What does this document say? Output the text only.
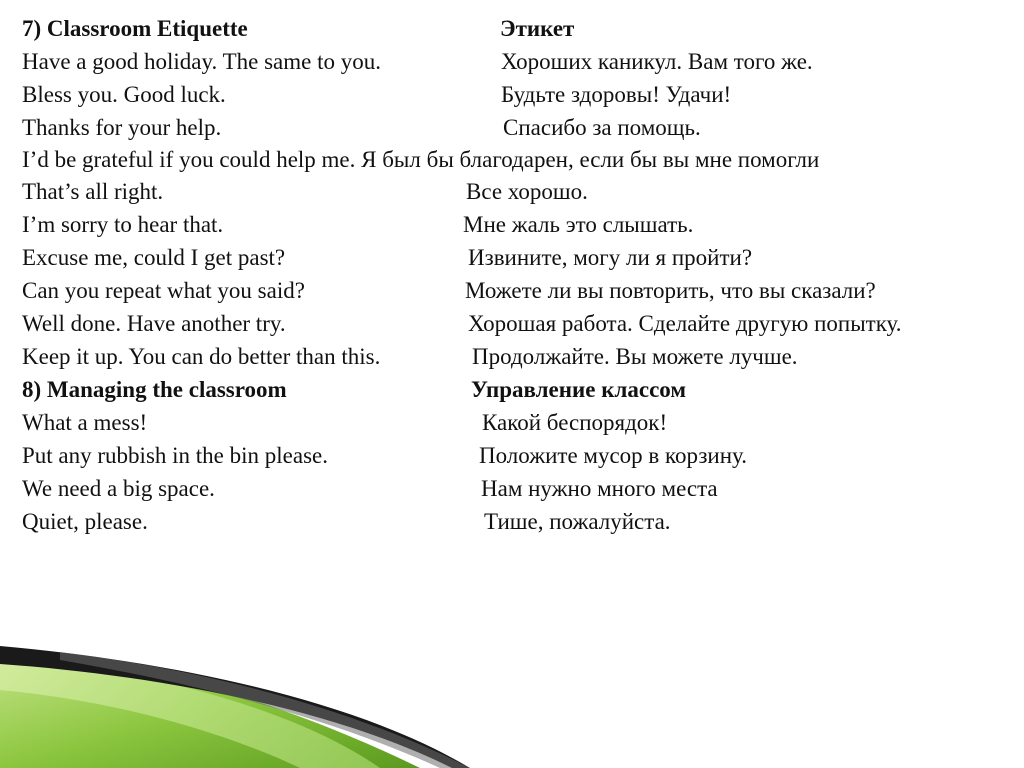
7) Classroom Etiquette	Этикет
Have a good holiday. The same to you.	Хороших каникул. Вам того же.
Bless you. Good luck.	Будьте здоровы! Удачи!
Thanks for your help.	Спасибо за помощь.
I’d be grateful if you could help me. Я был бы благодарен, если бы вы мне помогли
That’s all right.	Все хорошо.
I’m sorry to hear that.	Мне жаль это слышать.
Excuse me, could I get past?	Извините, могу ли я пройти?
Can you repeat what you said?	Можете ли вы повторить, что вы сказали?
Well done. Have another try.	Хорошая работа. Сделайте другую попытку.
Keep it up. You can do better than this.	Продолжайте. Вы можете лучше.
8) Managing the classroom	Управление классом
What a mess!	Какой беспорядок!
Put any rubbish in the bin please.	Положите мусор в корзину.
We need a big space.	Нам нужно много места
Quiet, please.	Тише, пожалуйста.
